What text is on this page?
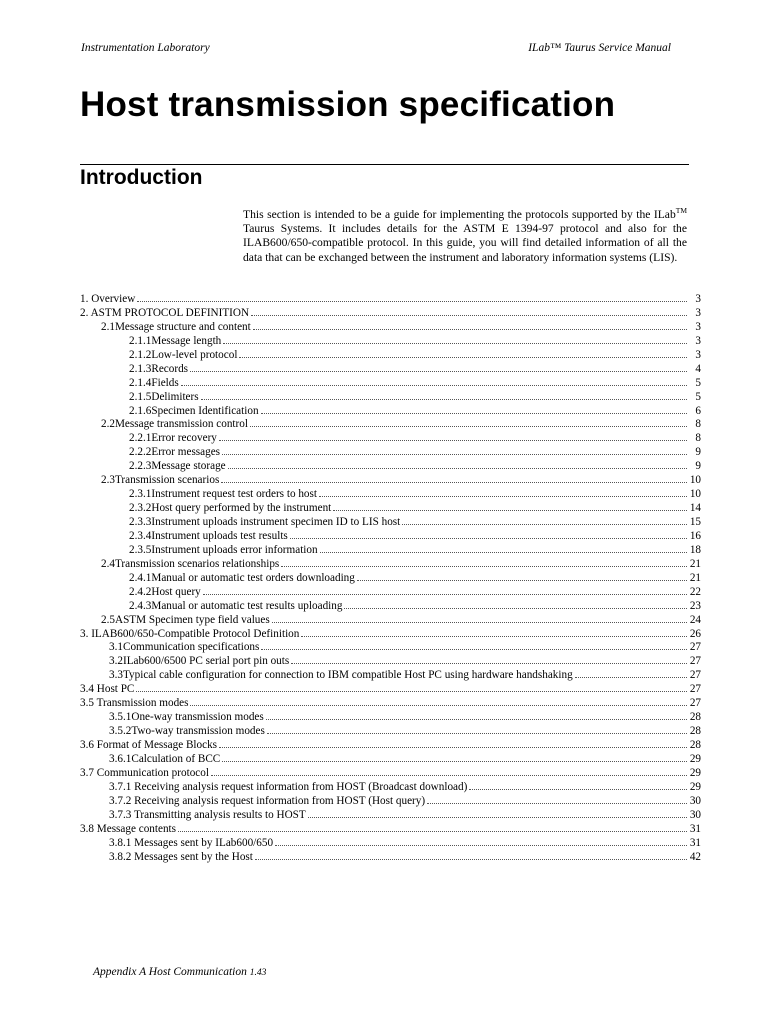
Instrumentation Laboratory	ILab™ Taurus Service Manual
Host transmission specification
Introduction

This section is intended to be a guide for implementing the protocols supported by the ILab™ Taurus Systems. It includes details for the ASTM E 1394-97 protocol and also for the ILAB600/650-compatible protocol. In this guide, you will find detailed information of all the data that can be exchanged between the instrument and laboratory information systems (LIS).

1. Overview	3
2. ASTM PROTOCOL DEFINITION	3
2.1Message structure and content	3
2.1.1Message length	3
2.1.2Low-level protocol	3
2.1.3Records	4
2.1.4Fields	5
2.1.5Delimiters	5
2.1.6Specimen Identification	6
2.2Message transmission control	8
2.2.1Error recovery	8
2.2.2Error messages	9
2.2.3Message storage	9
2.3Transmission scenarios	10
2.3.1Instrument request test orders to host	10
2.3.2Host query performed by the instrument	14
2.3.3Instrument uploads instrument specimen ID to LIS host	15
2.3.4Instrument uploads test results	16
2.3.5Instrument uploads error information	18
2.4Transmission scenarios relationships	21
2.4.1Manual or automatic test orders downloading	21
2.4.2Host query	22
2.4.3Manual or automatic test results uploading	23
2.5ASTM Specimen type field values	24
3. ILAB600/650-Compatible Protocol Definition	26
3.1Communication specifications	27
3.2ILab600/6500 PC serial port pin outs	27
3.3Typical cable configuration for connection to IBM compatible Host PC using hardware handshaking	27
3.4 Host PC	27
3.5 Transmission modes	27
3.5.1One-way transmission modes	28
3.5.2Two-way transmission modes	28
3.6 Format of Message Blocks	28
3.6.1Calculation of BCC	29
3.7 Communication protocol	29
3.7.1 Receiving analysis request information from HOST (Broadcast download)	29
3.7.2 Receiving analysis request information from HOST (Host query)	30
3.7.3 Transmitting analysis results to HOST	30
3.8 Message contents	31
3.8.1 Messages sent by ILab600/650	31
3.8.2 Messages sent by the Host	42
Appendix A Host Communication 1.43
